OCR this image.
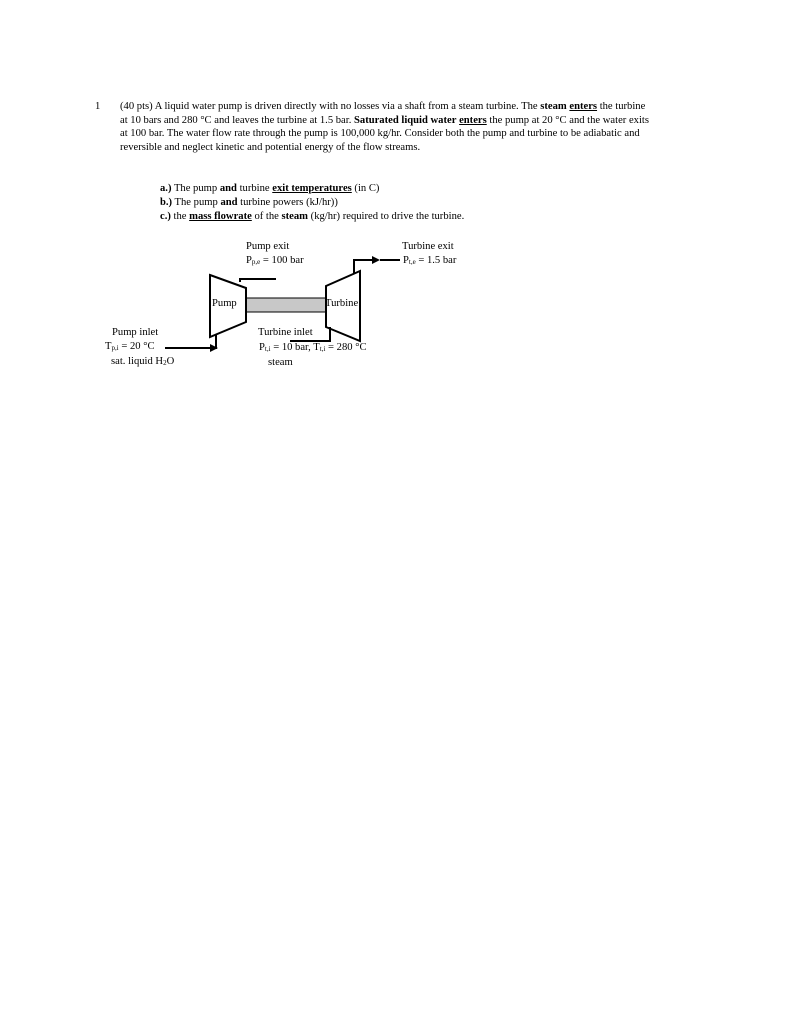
1 (40 pts) A liquid water pump is driven directly with no losses via a shaft from a steam turbine. The steam enters the turbine at 10 bars and 280 °C and leaves the turbine at 1.5 bar. Saturated liquid water enters the pump at 20 °C and the water exits at 100 bar. The water flow rate through the pump is 100,000 kg/hr. Consider both the pump and turbine to be adiabatic and reversible and neglect kinetic and potential energy of the flow streams.
a.) The pump and turbine exit temperatures (in C)
b.) The pump and turbine powers (kJ/hr))
c.) the mass flowrate of the steam (kg/hr) required to drive the turbine.
Pump	Turbine
Pump exit
$P_{p,e} = 100$ bar
Turbine exit
$P_{t,e} = 1.5$ bar
Pump inlet
$T_{p,i} = 20$ °C
sat. liquid $H_2O$
Turbine inlet
$P_{t,i} = 10$ bar, $T_{t,i} = 280$ °C
steam
